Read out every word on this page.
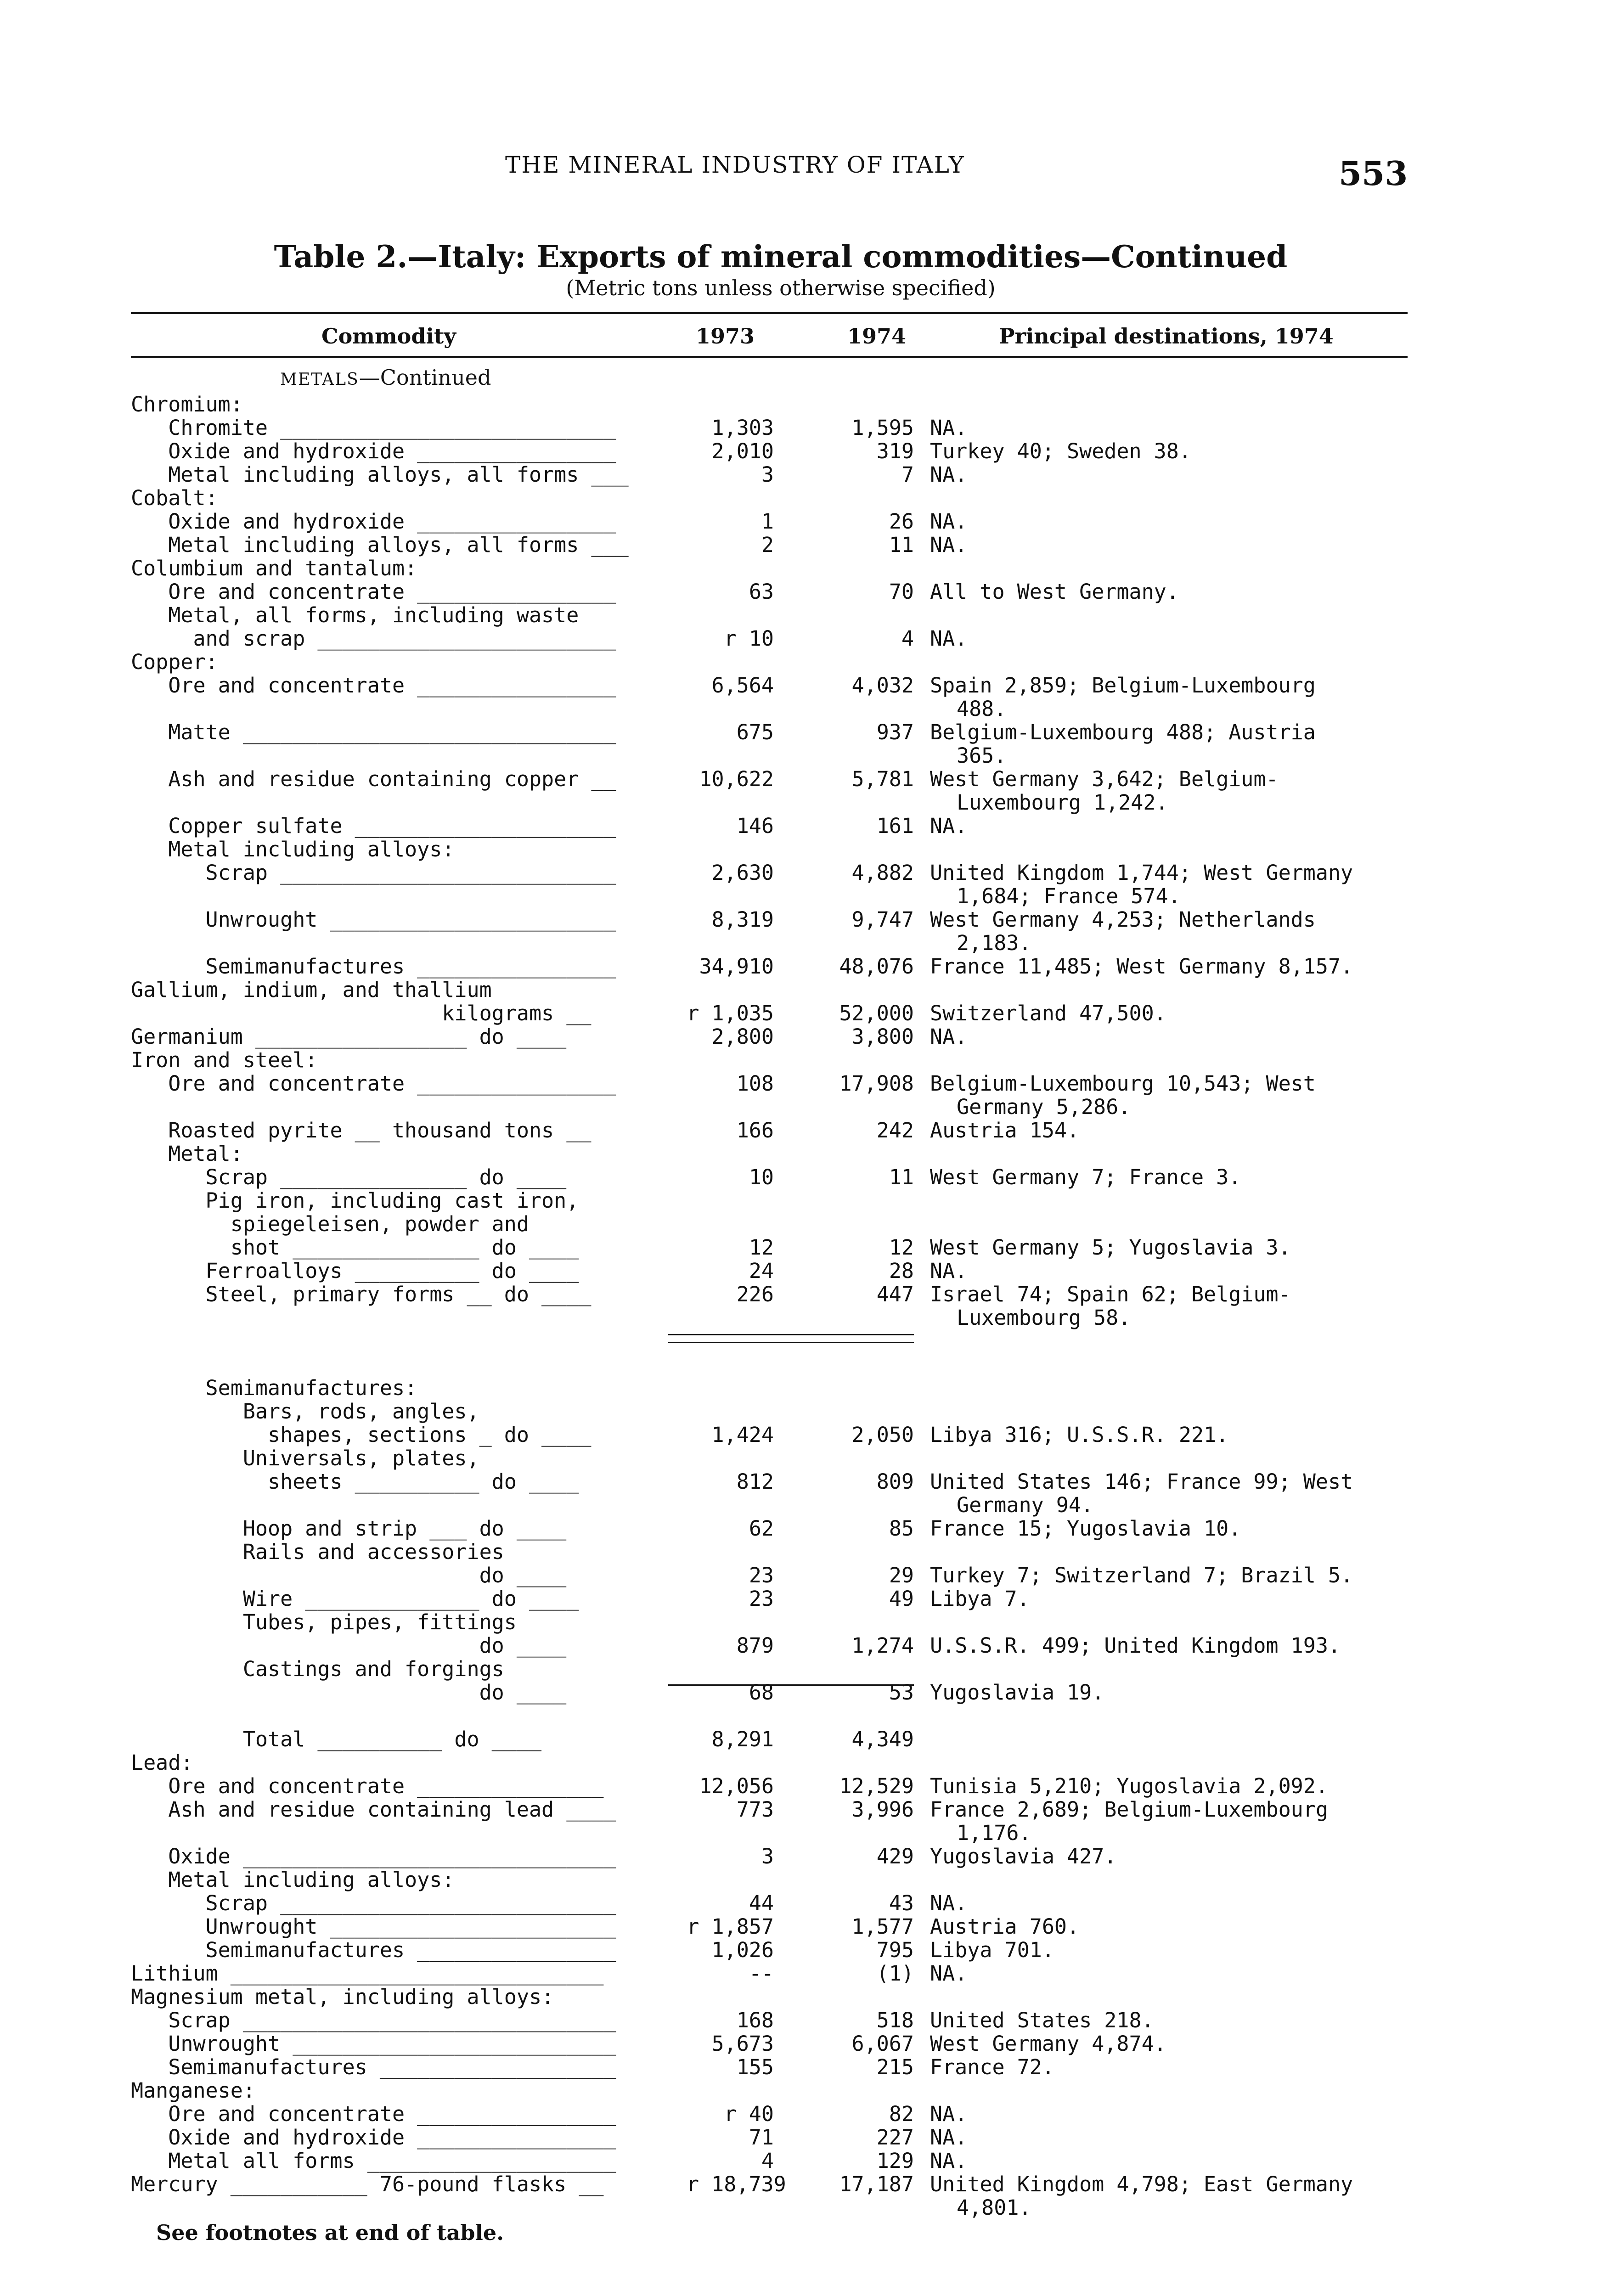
THE MINERAL INDUSTRY OF ITALY	553
Table 2.—Italy: Exports of mineral commodities—Continued
(Metric tons unless otherwise specified)
Commodity	1973	1974	Principal destinations, 1974
METALS—Continued
Chromium:
Chromite ___________________________	1,303	1,595 NA.
Oxide and hydroxide ________________	2,010	319 Turkey 40; Sweden 38.
Metal including alloys, all forms ___	3	7 NA.
Cobalt:
Oxide and hydroxide ________________	1	26 NA.
Metal including alloys, all forms ___	2	11 NA.
Columbium and tantalum:
Ore and concentrate ________________	63	70 All to West Germany.
Metal, all forms, including waste
and scrap ________________________	r 10	4 NA.
Copper:
Ore and concentrate ________________	6,564	4,032 Spain 2,859; Belgium-Luxembourg
488.
Matte ______________________________	675	937 Belgium-Luxembourg 488; Austria
365.
Ash and residue containing copper __	10,622	5,781 West Germany 3,642; Belgium-
Luxembourg 1,242.
Copper sulfate _____________________	146	161 NA.
Metal including alloys:
Scrap ___________________________	2,630	4,882 United Kingdom 1,744; West Germany
1,684; France 574.
Unwrought _______________________	8,319	9,747 West Germany 4,253; Netherlands
2,183.
Semimanufactures ________________	34,910	48,076 France 11,485; West Germany 8,157.
Gallium, indium, and thallium
kilograms __	r 1,035	52,000 Switzerland 47,500.
Germanium _________________ do ____	2,800	3,800 NA.
Iron and steel:
Ore and concentrate ________________	108	17,908 Belgium-Luxembourg 10,543; West
Germany 5,286.
Roasted pyrite __ thousand tons __	166	242 Austria 154.
Metal:
Scrap _______________ do ____	10	11 West Germany 7; France 3.
Pig iron, including cast iron,
spiegeleisen, powder and
shot _______________ do ____	12	12 West Germany 5; Yugoslavia 3.
Ferroalloys __________ do ____	24	28 NA.
Steel, primary forms __ do ____	226	447 Israel 74; Spain 62; Belgium-
Luxembourg 58.
Semimanufactures:
Bars, rods, angles,
shapes, sections _ do ____	1,424	2,050 Libya 316; U.S.S.R. 221.
Universals, plates,
sheets __________ do ____	812	809 United States 146; France 99; West
Germany 94.
Hoop and strip ___ do ____	62	85 France 15; Yugoslavia 10.
Rails and accessories
do ____	23	29 Turkey 7; Switzerland 7; Brazil 5.
Wire ______________ do ____	23	49 Libya 7.
Tubes, pipes, fittings
do ____	879	1,274 U.S.S.R. 499; United Kingdom 193.
Castings and forgings
do ____	68	53 Yugoslavia 19.
Total __________ do ____	8,291	4,349
Lead:
Ore and concentrate _______________	12,056	12,529 Tunisia 5,210; Yugoslavia 2,092.
Ash and residue containing lead ____	773	3,996 France 2,689; Belgium-Luxembourg
1,176.
Oxide ______________________________	3	429 Yugoslavia 427.
Metal including alloys:
Scrap ___________________________	44	43 NA.
Unwrought _______________________	r 1,857	1,577 Austria 760.
Semimanufactures ________________	1,026	795 Libya 701.
Lithium ______________________________	--	(1) NA.
Magnesium metal, including alloys:
Scrap ______________________________	168	518 United States 218.
Unwrought __________________________	5,673	6,067 West Germany 4,874.
Semimanufactures ___________________	155	215 France 72.
Manganese:
Ore and concentrate ________________	r 40	82 NA.
Oxide and hydroxide ________________	71	227 NA.
Metal all forms ____________________	4	129 NA.
Mercury ___________ 76-pound flasks __	r 18,739	17,187 United Kingdom 4,798; East Germany
4,801.
See footnotes at end of table.
